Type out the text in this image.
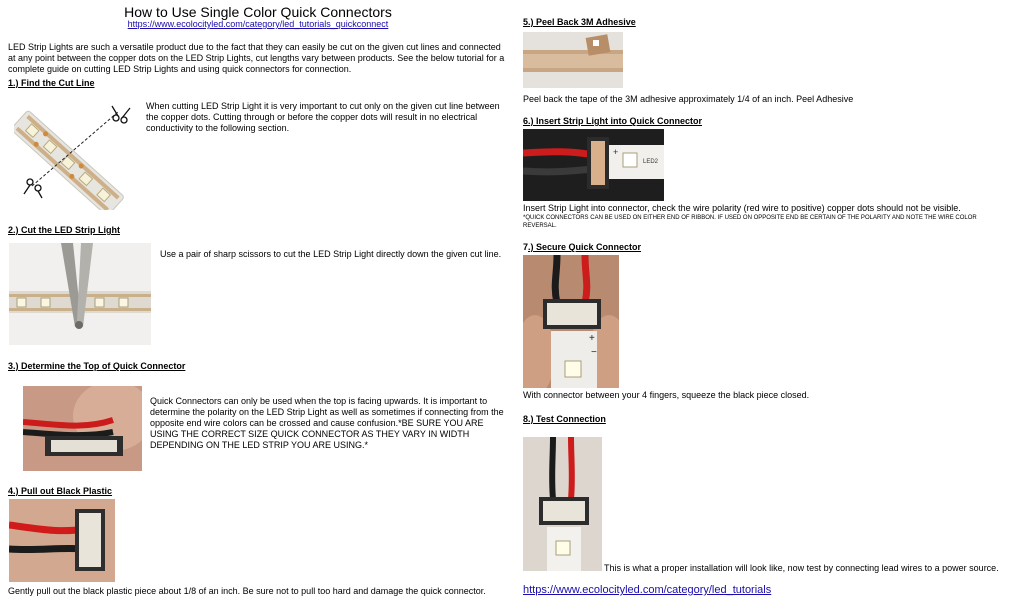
How to Use Single Color Quick Connectors
https://www.ecolocityled.com/category/led_tutorials_quickconnect
LED Strip Lights are such a versatile product due to the fact that they can easily be cut on the given cut lines and connected at any point between the copper dots on the LED Strip Lights, cut lengths vary between products. See the below tutorial for a complete guide on cutting LED Strip Lights and using quick connectors for connection.
1.) Find the Cut Line
When cutting LED Strip Light it is very important to cut only on the given cut line between the copper dots. Cutting through or before the copper dots will result in no electrical conductivity to the following section.
2.) Cut the LED Strip Light
Use a pair of sharp scissors to cut the LED Strip Light directly down the given cut line.
3.) Determine the Top of Quick Connector
Quick Connectors can only be used when the top is facing upwards. It is important to determine the polarity on the LED Strip Light as well as sometimes if connecting from the opposite end wire colors can be crossed and cause confusion.*BE SURE YOU ARE USING THE CORRECT SIZE QUICK CONNECTOR AS THEY VARY IN WIDTH DEPENDING ON THE LED STRIP YOU ARE USING.*
4.) Pull out Black Plastic
Gently pull out the black plastic piece about 1/8 of an inch. Be sure not to pull too hard and damage the quick connector.
5.) Peel Back 3M Adhesive
Peel back the tape of the 3M adhesive approximately 1/4 of an inch. Peel Adhesive
6.) Insert Strip Light into Quick Connector
+
LED2
Insert Strip Light into connector, check the wire polarity (red wire to positive) copper dots should not be visible.
*QUICK CONNECTORS CAN BE USED ON EITHER END OF RIBBON. IF USED ON OPPOSITE END BE CERTAIN OF THE POLARITY AND NOTE THE WIRE COLOR REVERSAL.
7.) Secure Quick Connector
+
−
With connector between your 4 fingers, squeeze the black piece closed.
8.) Test Connection
This is what a proper installation will look like, now test by connecting lead wires to a power source.
https://www.ecolocityled.com/category/led_tutorials
